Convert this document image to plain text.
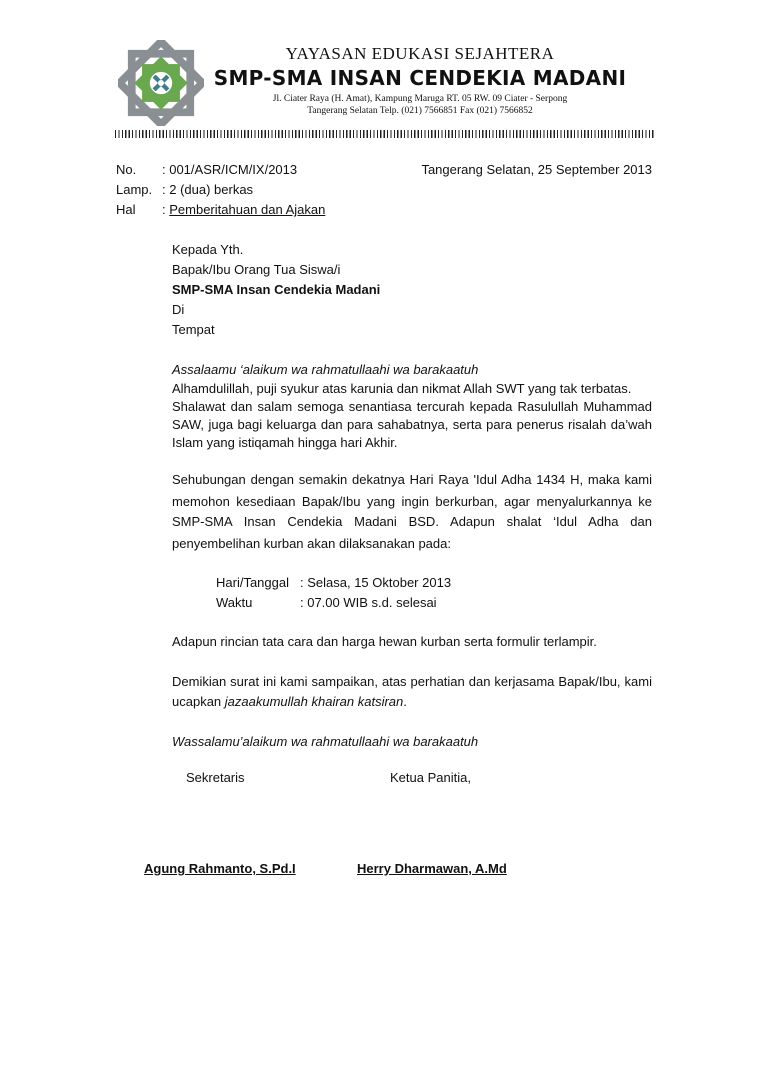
YAYASAN EDUKASI SEJAHTERA
SMP-SMA INSAN CENDEKIA MADANI
Jl. Ciater Raya (H. Amat), Kampung Maruga RT. 05 RW. 09 Ciater - Serpong
Tangerang Selatan Telp. (021) 7566851 Fax (021) 7566852
No. : 001/ASR/ICM/IX/2013	Tangerang Selatan, 25 September 2013
Lamp. : 2 (dua) berkas
Hal : Pemberitahuan dan Ajakan
Kepada Yth.
Bapak/Ibu Orang Tua Siswa/i
SMP-SMA Insan Cendekia Madani
Di
Tempat
Assalaamu ‘alaikum wa rahmatullaahi wa barakaatuh
Alhamdulillah, puji syukur atas karunia dan nikmat Allah SWT yang tak terbatas.
Shalawat dan salam semoga senantiasa tercurah kepada Rasulullah Muhammad
SAW, juga bagi keluarga dan para sahabatnya, serta para penerus risalah da’wah
Islam yang istiqamah hingga hari Akhir.
Sehubungan dengan semakin dekatnya Hari Raya 'Idul Adha 1434 H, maka kami
memohon kesediaan Bapak/Ibu yang ingin berkurban, agar menyalurkannya ke
SMP-SMA Insan Cendekia Madani BSD. Adapun shalat ‘Idul Adha dan
penyembelihan kurban akan dilaksanakan pada:
Hari/Tanggal : Selasa, 15 Oktober 2013
Waktu	: 07.00 WIB s.d. selesai
Adapun rincian tata cara dan harga hewan kurban serta formulir terlampir.
Demikian surat ini kami sampaikan, atas perhatian dan kerjasama Bapak/Ibu, kami
ucapkan jazaakumullah khairan katsiran.
Wassalamu’alaikum wa rahmatullaahi wa barakaatuh
Sekretaris	Ketua Panitia,
Agung Rahmanto, S.Pd.I	Herry Dharmawan, A.Md
